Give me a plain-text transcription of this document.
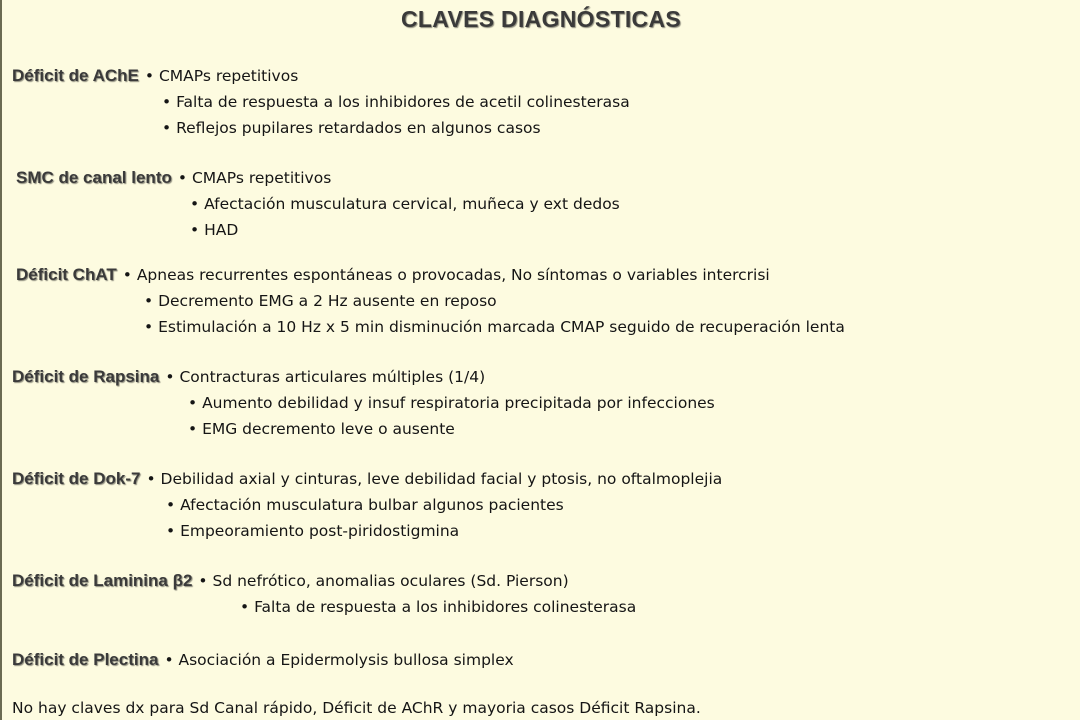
CLAVES DIAGNÓSTICAS
Déficit de AChE • CMAPs repetitivos
• Falta de respuesta a los inhibidores de acetil colinesterasa
• Reflejos pupilares retardados en algunos casos
SMC de canal lento • CMAPs repetitivos
• Afectación musculatura cervical, muñeca y ext dedos
• HAD
Déficit ChAT • Apneas recurrentes espontáneas o provocadas, No síntomas o variables intercrisi
• Decremento EMG a 2 Hz ausente en reposo
• Estimulación a 10 Hz x 5 min disminución marcada CMAP seguido de recuperación lenta
Déficit de Rapsina • Contracturas articulares múltiples (1/4)
• Aumento debilidad y insuf respiratoria precipitada por infecciones
• EMG decremento leve o ausente
Déficit de Dok-7 • Debilidad axial y cinturas, leve debilidad facial y ptosis, no oftalmoplejia
• Afectación musculatura bulbar algunos pacientes
• Empeoramiento post-piridostigmina
Déficit de Laminina β2 • Sd nefrótico, anomalias oculares (Sd. Pierson)
• Falta de respuesta a los inhibidores colinesterasa
Déficit de Plectina • Asociación a Epidermolysis bullosa simplex
No hay claves dx para Sd Canal rápido, Déficit de AChR y mayoria casos Déficit Rapsina.
